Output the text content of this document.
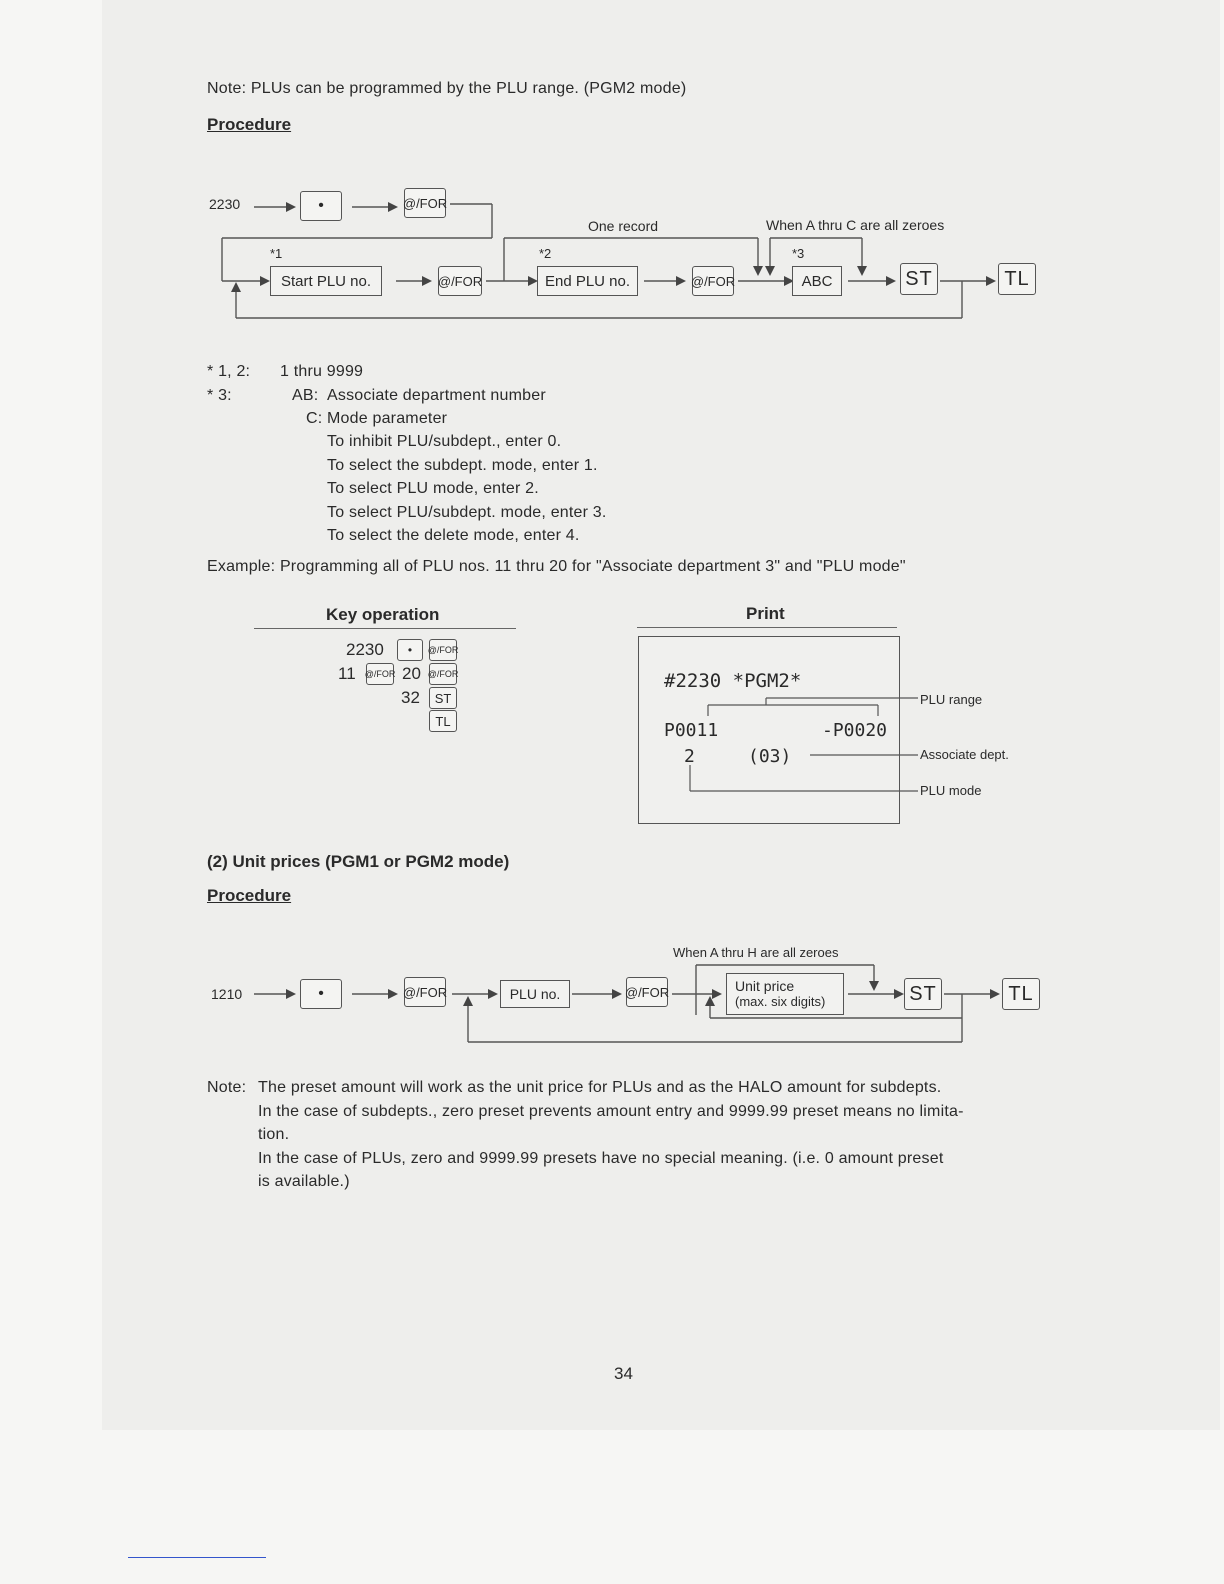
Note: PLUs can be programmed by the PLU range. (PGM2 mode)
Procedure
2230	•	@/FOR
One record	When A thru C are all zeroes
*1	*2	*3
Start PLU no.	@/FOR	End PLU no.	@/FOR	ABC	ST	TL
* 1, 2: 1 thru 9999
* 3:	AB: Associate department number
C: Mode parameter
To inhibit PLU/subdept., enter 0.
To select the subdept. mode, enter 1.
To select PLU mode, enter 2.
To select PLU/subdept. mode, enter 3.
To select the delete mode, enter 4.
Example: Programming all of PLU nos. 11 thru 20 for "Associate department 3" and "PLU mode"
Key operation
2230	•	@/FOR
11 @/FOR 20 @/FOR
32	ST
TL
Print
#2230 *PGM2*
P0011	-P0020
2	(03)
PLU range
Associate dept.
PLU mode
(2) Unit prices (PGM1 or PGM2 mode)
Procedure
When A thru H are all zeroes
1210	•	@/FOR	PLU no.	@/FOR	Unit price
(max. six digits)	ST	TL
Note: The preset amount will work as the unit price for PLUs and as the HALO amount for subdepts.
In the case of subdepts., zero preset prevents amount entry and 9999.99 preset means no limita-
tion.
In the case of PLUs, zero and 9999.99 presets have no special meaning. (i.e. 0 amount preset
is available.)
34
